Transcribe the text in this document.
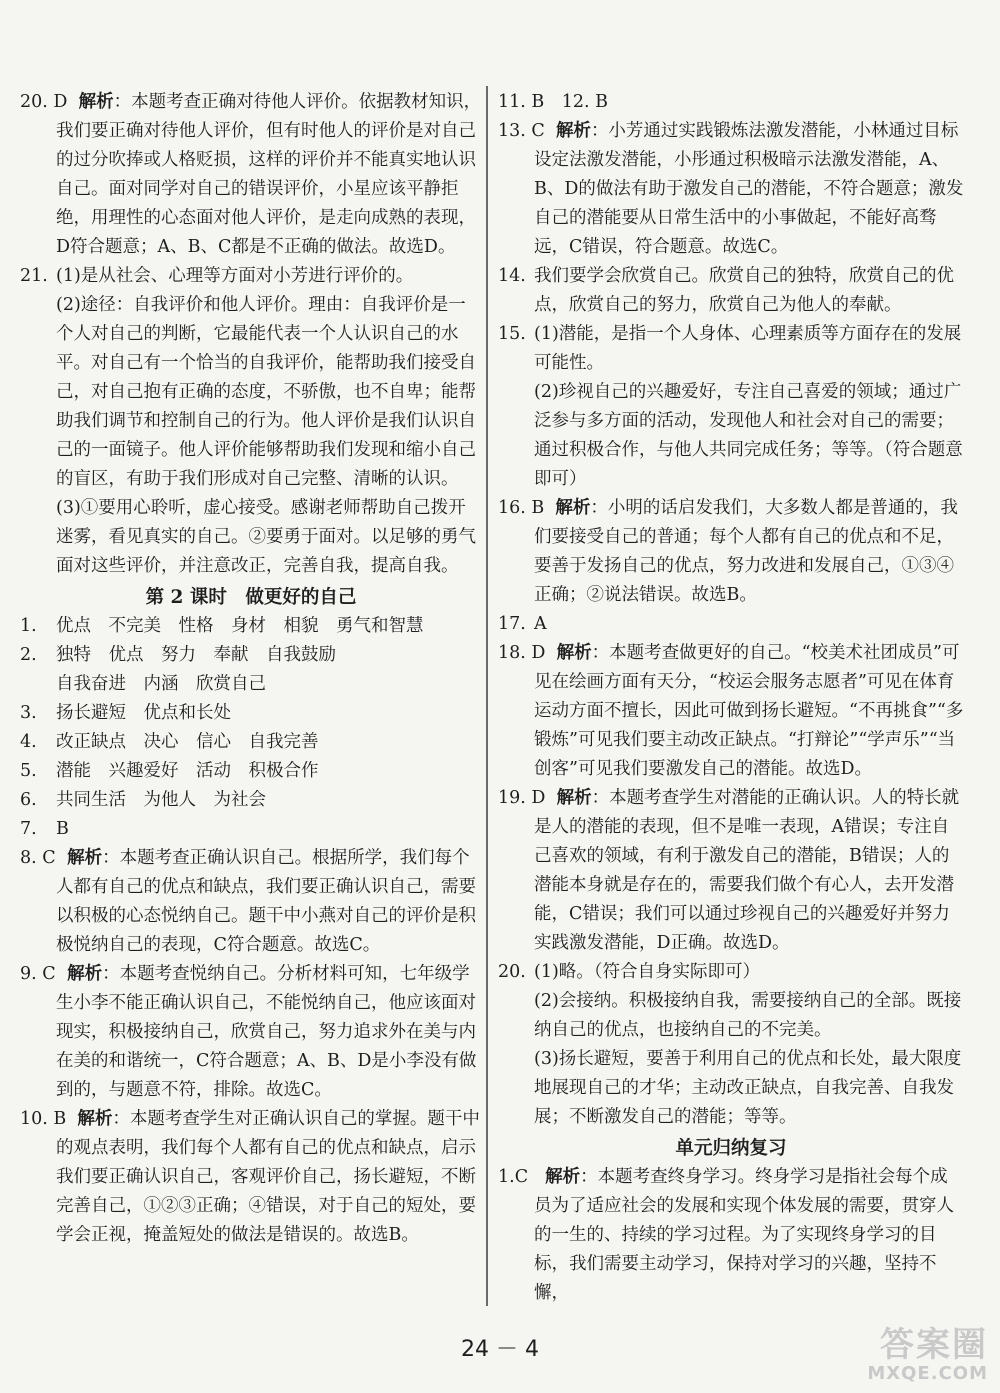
20. D 解析：本题考查正确对待他人评价。依据教材知识，我们要正确对待他人评价，但有时他人的评价是对自己的过分吹捧或人格贬损，这样的评价并不能真实地认识自己。面对同学对自己的错误评价，小星应该平静拒绝，用理性的心态面对他人评价，是走向成熟的表现，D符合题意；A、B、C都是不正确的做法。故选D。

21. (1)是从社会、心理等方面对小芳进行评价的。

(2)途径：自我评价和他人评价。理由：自我评价是一个人对自己的判断，它最能代表一个人认识自己的水平。对自己有一个恰当的自我评价，能帮助我们接受自己，对自己抱有正确的态度，不骄傲，也不自卑；能帮助我们调节和控制自己的行为。他人评价是我们认识自己的一面镜子。他人评价能够帮助我们发现和缩小自己的盲区，有助于我们形成对自己完整、清晰的认识。

(3)①要用心聆听，虚心接受。感谢老师帮助自己拨开迷雾，看见真实的自己。②要勇于面对。以足够的勇气面对这些评价，并注意改正，完善自我，提高自我。

第 2 课时　做更好的自己

1. 优点　不完美　性格　身材　相貌　勇气和智慧

2. 独特　优点　努力　奉献　自我鼓励

自我奋进　内涵　欣赏自己

3. 扬长避短　优点和长处

4. 改正缺点　决心　信心　自我完善

5. 潜能　兴趣爱好　活动　积极合作

6. 共同生活　为他人　为社会

7. B

8. C 解析：本题考查正确认识自己。根据所学，我们每个人都有自己的优点和缺点，我们要正确认识自己，需要以积极的心态悦纳自己。题干中小燕对自己的评价是积极悦纳自己的表现，C符合题意。故选C。

9. C 解析：本题考查悦纳自己。分析材料可知，七年级学生小李不能正确认识自己，不能悦纳自己，他应该面对现实，积极接纳自己，欣赏自己，努力追求外在美与内在美的和谐统一，C符合题意；A、B、D是小李没有做到的，与题意不符，排除。故选C。

10. B 解析：本题考查学生对正确认识自己的掌握。题干中的观点表明，我们每个人都有自己的优点和缺点，启示我们要正确认识自己，客观评价自己，扬长避短，不断完善自己，①②③正确；④错误，对于自己的短处，要学会正视，掩盖短处的做法是错误的。故选B。

11. B　12. B

13. C 解析：小芳通过实践锻炼法激发潜能，小林通过目标设定法激发潜能，小彤通过积极暗示法激发潜能，A、B、D的做法有助于激发自己的潜能，不符合题意；激发自己的潜能要从日常生活中的小事做起，不能好高骛远，C错误，符合题意。故选C。

14. 我们要学会欣赏自己。欣赏自己的独特，欣赏自己的优点，欣赏自己的努力，欣赏自己为他人的奉献。

15. (1)潜能，是指一个人身体、心理素质等方面存在的发展可能性。

(2)珍视自己的兴趣爱好，专注自己喜爱的领域；通过广泛参与多方面的活动，发现他人和社会对自己的需要；通过积极合作，与他人共同完成任务；等等。（符合题意即可）

16. B 解析：小明的话启发我们，大多数人都是普通的，我们要接受自己的普通；每个人都有自己的优点和不足，要善于发扬自己的优点，努力改进和发展自己，①③④正确；②说法错误。故选B。

17. A

18. D 解析：本题考查做更好的自己。“校美术社团成员”可见在绘画方面有天分，“校运会服务志愿者”可见在体育运动方面不擅长，因此可做到扬长避短。“不再挑食”“多锻炼”可见我们要主动改正缺点。“打辩论”“学声乐”“当创客”可见我们要激发自己的潜能。故选D。

19. D 解析：本题考查学生对潜能的正确认识。人的特长就是人的潜能的表现，但不是唯一表现，A错误；专注自己喜欢的领域，有利于激发自己的潜能，B错误；人的潜能本身就是存在的，需要我们做个有心人，去开发潜能，C错误；我们可以通过珍视自己的兴趣爱好并努力实践激发潜能，D正确。故选D。

20. (1)略。（符合自身实际即可）

(2)会接纳。积极接纳自我，需要接纳自己的全部。既接纳自己的优点，也接纳自己的不完美。

(3)扬长避短，要善于利用自己的优点和长处，最大限度地展现自己的才华；主动改正缺点，自我完善、自我发展；不断激发自己的潜能；等等。

单元归纳复习

1.C 解析：本题考查终身学习。终身学习是指社会每个成员为了适应社会的发展和实现个体发展的需要，贯穿人的一生的、持续的学习过程。为了实现终身学习的目标，我们需要主动学习，保持对学习的兴趣，坚持不懈，

24 － 4	答案圈
MXQE.COM
